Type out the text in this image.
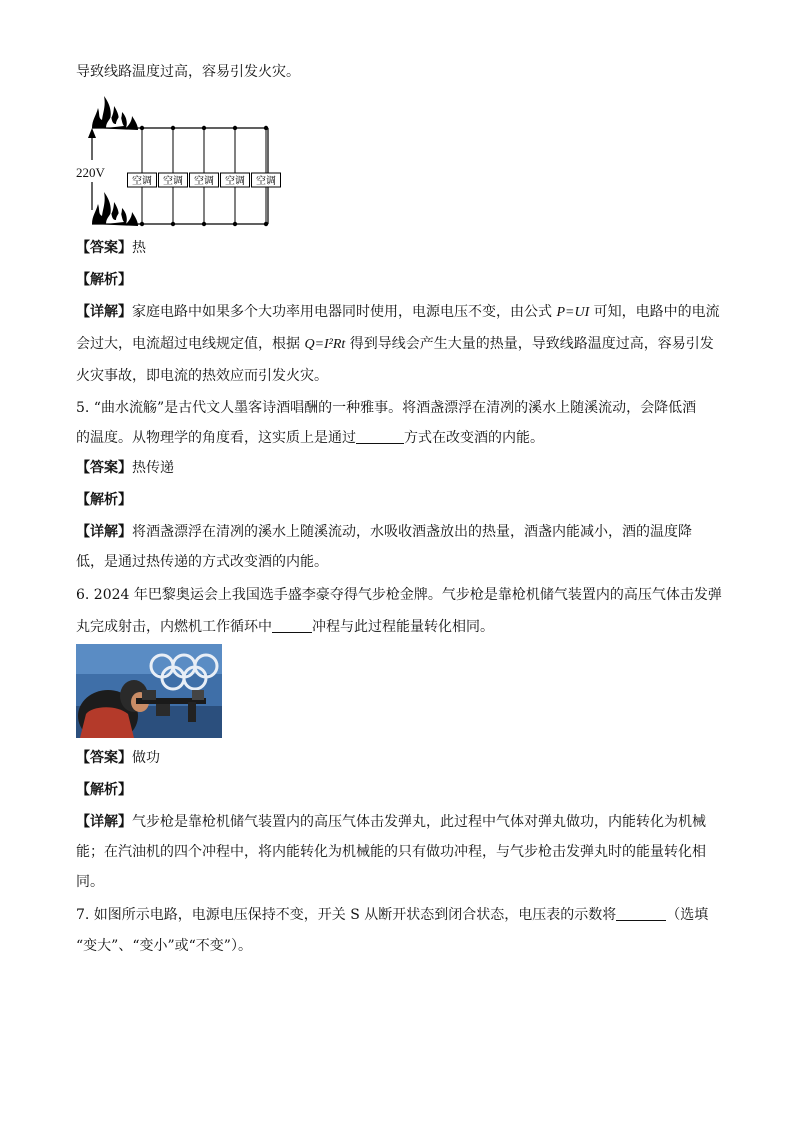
导致线路温度过高，容易引发火灾。
220V
空调 空调 空调 空调 空调
【答案】热
【解析】
【详解】家庭电路中如果多个大功率用电器同时使用，电源电压不变，由公式 P=UI 可知，电路中的电流
会过大，电流超过电线规定值，根据 Q=I²Rt 得到导线会产生大量的热量，导致线路温度过高，容易引发
火灾事故，即电流的热效应而引发火灾。
5. “曲水流觞”是古代文人墨客诗酒唱酬的一种雅事。将酒盏漂浮在清冽的溪水上随溪流动，会降低酒
的温度。从物理学的角度看，这实质上是通过	方式在改变酒的内能。
【答案】热传递
【解析】
【详解】将酒盏漂浮在清冽的溪水上随溪流动，水吸收酒盏放出的热量，酒盏内能减小，酒的温度降
低，是通过热传递的方式改变酒的内能。
6. 2024 年巴黎奥运会上我国选手盛李豪夺得气步枪金牌。气步枪是靠枪机储气装置内的高压气体击发弹
丸完成射击，内燃机工作循环中	冲程与此过程能量转化相同。
【答案】做功
【解析】
【详解】气步枪是靠枪机储气装置内的高压气体击发弹丸，此过程中气体对弹丸做功，内能转化为机械
能；在汽油机的四个冲程中，将内能转化为机械能的只有做功冲程，与气步枪击发弹丸时的能量转化相
同。
7. 如图所示电路，电源电压保持不变，开关 S 从断开状态到闭合状态，电压表的示数将	（选填
“变大”、“变小”或“不变”）。
